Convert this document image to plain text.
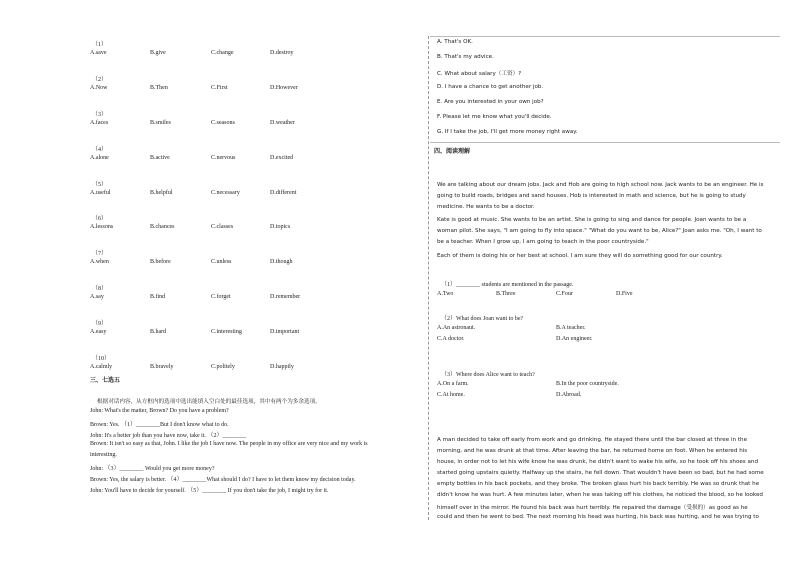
（1）
A.save	B.give	C.change	D.destroy
（2）
A.Now	B.Then	C.First	D.However
（3）
A.faces	B.smiles	C.seasons	D.weather
（4）
A.alone	B.active	C.nervous	D.excited
（5）
A.useful	B.helpful	C.necessary	D.different
（6）
A.lessons	B.chances	C.classes	D.topics
（7）
A.when	B.before	C.unless	D.though
（8）
A.say	B.find	C.forget	D.remember
（9）
A.easy	B.hard	C.interesting	D.important
（10）
A.calmly	B.bravely	C.politely	D.happily
三、七选五
根据对话内容，从方框内的选项中选出能填入空白处的最佳选项，其中有两个为多余选项。
John: What's the matter, Brown? Do you have a problem?
Brown: Yes. （1）________But I don't know what to do.
John: It's a better job than you have now, take it. （2）________
Brown: It isn't so easy as that, John. I like the job I have now. The people in my office are very nice and my work is
interesting.
John: （3）________ Would you get more money?
Brown: Yes, the salary is better. （4）________What should I do? I have to let them know my decision today.
John: You'll have to decide for yourself. （5）________ If you don't take the job, I might try for it.
A. That's OK.
B. That's my advice.
C. What about salary（工资）?
D. I have a chance to get another job.
E. Are you interested in your own job?
F. Please let me know what you'll decide.
G. If I take the job, I'll get more money right away.
四、阅读理解
We are talking about our dream jobs. Jack and Hob are going to high school now. Jack wants to be an engineer. He is
going to build roads, bridges and sand houses. Hob is interested in math and science, but he is going to study
medicine. He wants to be a doctor.
Kate is good at music. She wants to be an artist. She is going to sing and dance for people. Joan wants to be a
woman pilot. She says, "I am going to fly into space." "What do you want to be, Alice?" Joan asks me. "Oh, I want to
be a teacher. When I grow up, I am going to teach in the poor countryside."
Each of them is doing his or her best at school. I am sure they will do something good for our country.
（1）________ students are mentioned in the passage.
A.Two	B.Three	C.Four	D.Five
（2）What does Joan want to be?
A.An astronaut.	B.A teacher.
C.A doctor.	D.An engineer.
（3）Where does Alice want to teach?
A.On a farm.	B.In the poor countryside.
C.At home.	D.Abroad.
A man decided to take off early from work and go drinking. He stayed there until the bar closed at three in the
morning, and he was drunk at that time. After leaving the bar, he returned home on foot. When he entered his
house, in order not to let his wife know he was drunk, he didn't want to wake his wife, so he took off his shoes and
started going upstairs quietly. Halfway up the stairs, he fell down. That wouldn't have been so bad, but he had some
empty bottles in his back pockets, and they broke. The broken glass hurt his back terribly. He was so drunk that he
didn't know he was hurt. A few minutes later, when he was taking off his clothes, he noticed the blood, so he looked
himself over in the mirror. He found his back was hurt terribly. He repaired the damage（受损的）as good as he
could and then he went to bed. The next morning his head was hurting, his back was hurting, and he was trying to
